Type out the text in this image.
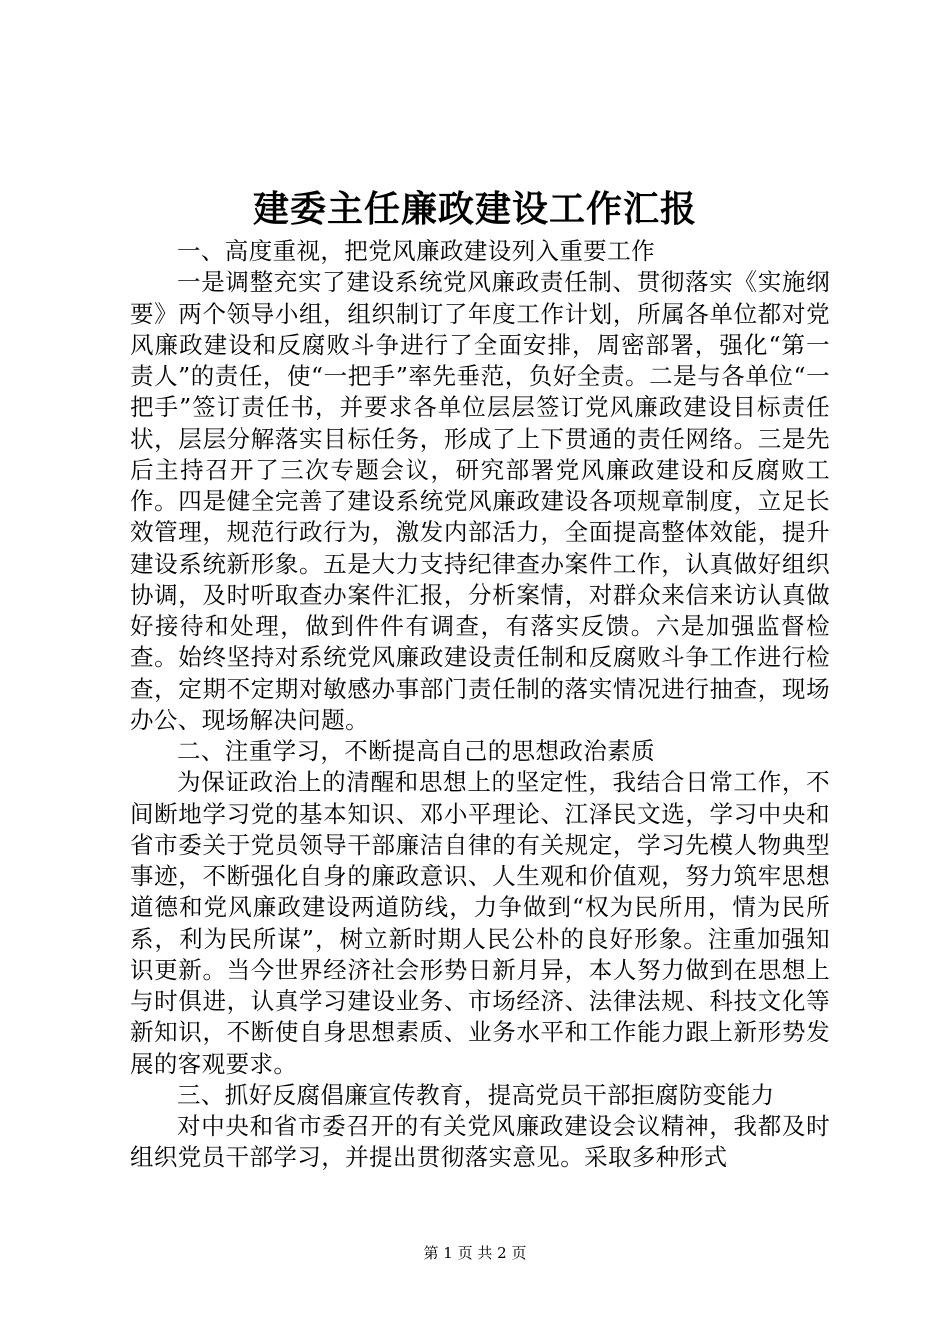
建委主任廉政建设工作汇报

一、高度重视，把党风廉政建设列入重要工作

一是调整充实了建设系统党风廉政责任制、贯彻落实《实施纲要》两个领导小组，组织制订了年度工作计划，所属各单位都对党风廉政建设和反腐败斗争进行了全面安排，周密部署，强化“第一责人”的责任，使“一把手”率先垂范，负好全责。二是与各单位“一把手”签订责任书，并要求各单位层层签订党风廉政建设目标责任状，层层分解落实目标任务，形成了上下贯通的责任网络。三是先后主持召开了三次专题会议，研究部署党风廉政建设和反腐败工作。四是健全完善了建设系统党风廉政建设各项规章制度，立足长效管理，规范行政行为，激发内部活力，全面提高整体效能，提升建设系统新形象。五是大力支持纪律查办案件工作，认真做好组织协调，及时听取查办案件汇报，分析案情，对群众来信来访认真做好接待和处理，做到件件有调查，有落实反馈。六是加强监督检查。始终坚持对系统党风廉政建设责任制和反腐败斗争工作进行检查，定期不定期对敏感办事部门责任制的落实情况进行抽查，现场办公、现场解决问题。

二、注重学习，不断提高自己的思想政治素质

为保证政治上的清醒和思想上的坚定性，我结合日常工作，不间断地学习党的基本知识、邓小平理论、江泽民文选，学习中央和省市委关于党员领导干部廉洁自律的有关规定，学习先模人物典型事迹，不断强化自身的廉政意识、人生观和价值观，努力筑牢思想道德和党风廉政建设两道防线，力争做到“权为民所用，情为民所系，利为民所谋”，树立新时期人民公朴的良好形象。注重加强知识更新。当今世界经济社会形势日新月异，本人努力做到在思想上与时俱进，认真学习建设业务、市场经济、法律法规、科技文化等新知识，不断使自身思想素质、业务水平和工作能力跟上新形势发展的客观要求。

三、抓好反腐倡廉宣传教育，提高党员干部拒腐防变能力

对中央和省市委召开的有关党风廉政建设会议精神，我都及时组织党员干部学习，并提出贯彻落实意见。采取多种形式

第 1 页 共 2 页
